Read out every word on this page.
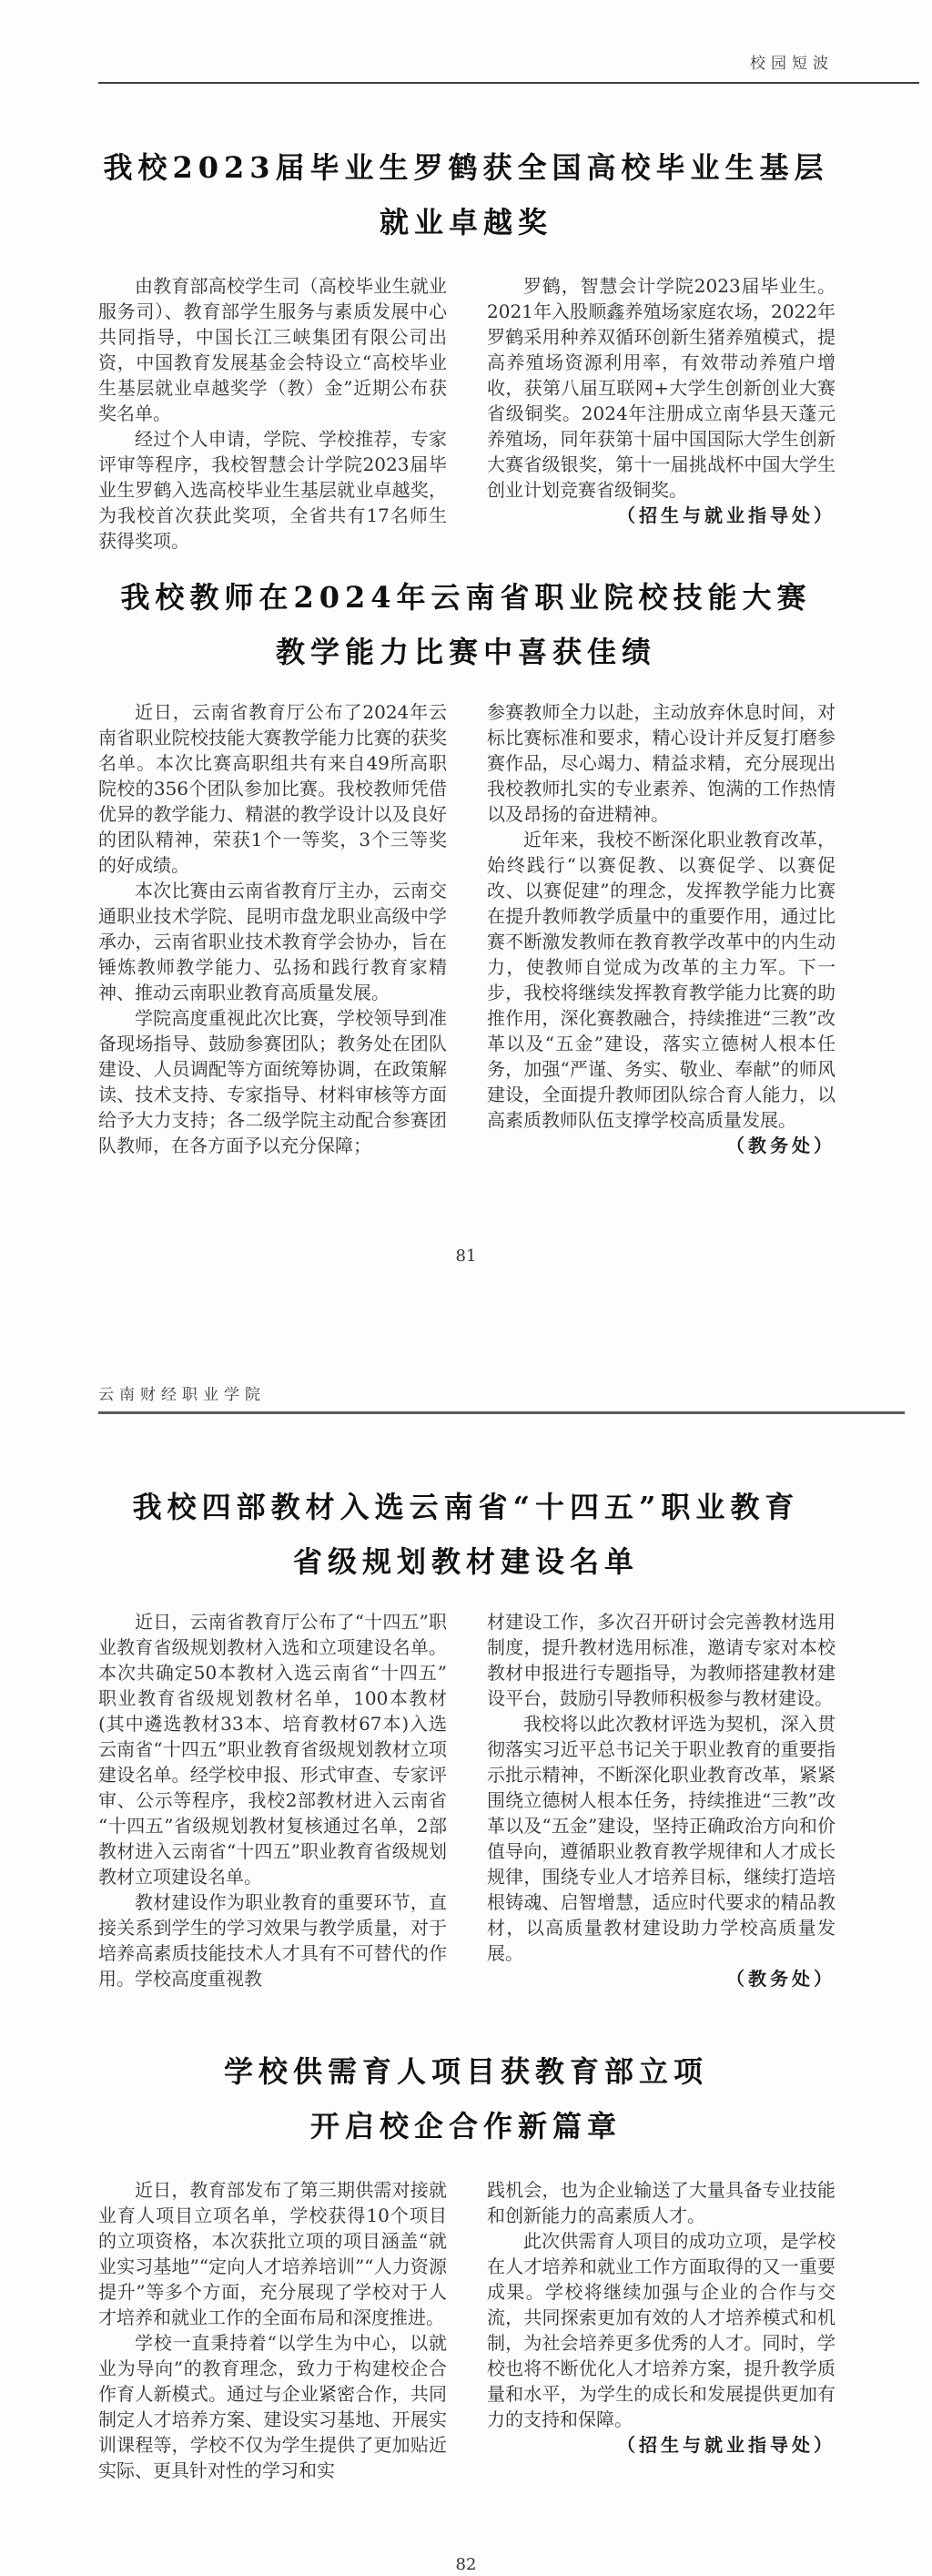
校园短波
我校2023届毕业生罗鹤获全国高校毕业生基层
就业卓越奖

由教育部高校学生司（高校毕业生就业服务司）、教育部学生服务与素质发展中心共同指导，中国长江三峡集团有限公司出资，中国教育发展基金会特设立“高校毕业生基层就业卓越奖学（教）金”近期公布获奖名单。

经过个人申请，学院、学校推荐，专家评审等程序，我校智慧会计学院2023届毕业生罗鹤入选高校毕业生基层就业卓越奖，为我校首次获此奖项，全省共有17名师生获得奖项。

罗鹤，智慧会计学院2023届毕业生。2021年入股顺鑫养殖场家庭农场，2022年罗鹤采用种养双循环创新生猪养殖模式，提高养殖场资源利用率，有效带动养殖户增收，获第八届互联网+大学生创新创业大赛省级铜奖。2024年注册成立南华县天蓬元养殖场，同年获第十届中国国际大学生创新大赛省级银奖，第十一届挑战杯中国大学生创业计划竞赛省级铜奖。

（招生与就业指导处）

我校教师在2024年云南省职业院校技能大赛
教学能力比赛中喜获佳绩

近日，云南省教育厅公布了2024年云南省职业院校技能大赛教学能力比赛的获奖名单。本次比赛高职组共有来自49所高职院校的356个团队参加比赛。我校教师凭借优异的教学能力、精湛的教学设计以及良好的团队精神，荣获1个一等奖，3个三等奖的好成绩。

本次比赛由云南省教育厅主办，云南交通职业技术学院、昆明市盘龙职业高级中学承办，云南省职业技术教育学会协办，旨在锤炼教师教学能力、弘扬和践行教育家精神、推动云南职业教育高质量发展。

学院高度重视此次比赛，学校领导到准备现场指导、鼓励参赛团队；教务处在团队建设、人员调配等方面统筹协调，在政策解读、技术支持、专家指导、材料审核等方面给予大力支持；各二级学院主动配合参赛团队教师，在各方面予以充分保障；

参赛教师全力以赴，主动放弃休息时间，对标比赛标准和要求，精心设计并反复打磨参赛作品，尽心竭力、精益求精，充分展现出我校教师扎实的专业素养、饱满的工作热情以及昂扬的奋进精神。

近年来，我校不断深化职业教育改革，始终践行“以赛促教、以赛促学、以赛促改、以赛促建”的理念，发挥教学能力比赛在提升教师教学质量中的重要作用，通过比赛不断激发教师在教育教学改革中的内生动力，使教师自觉成为改革的主力军。下一步，我校将继续发挥教育教学能力比赛的助推作用，深化赛教融合，持续推进“三教”改革以及“五金”建设，落实立德树人根本任务，加强“严谨、务实、敬业、奉献”的师风建设，全面提升教师团队综合育人能力，以高素质教师队伍支撑学校高质量发展。

（教务处）

81
云南财经职业学院
我校四部教材入选云南省“十四五”职业教育
省级规划教材建设名单

近日，云南省教育厅公布了“十四五”职业教育省级规划教材入选和立项建设名单。本次共确定50本教材入选云南省“十四五”职业教育省级规划教材名单，100本教材(其中遴选教材33本、培育教材67本)入选云南省“十四五”职业教育省级规划教材立项建设名单。经学校申报、形式审查、专家评审、公示等程序，我校2部教材进入云南省“十四五”省级规划教材复核通过名单，2部教材进入云南省“十四五”职业教育省级规划教材立项建设名单。

教材建设作为职业教育的重要环节，直接关系到学生的学习效果与教学质量，对于培养高素质技能技术人才具有不可替代的作用。学校高度重视教

材建设工作，多次召开研讨会完善教材选用制度，提升教材选用标准，邀请专家对本校教材申报进行专题指导，为教师搭建教材建设平台，鼓励引导教师积极参与教材建设。

我校将以此次教材评选为契机，深入贯彻落实习近平总书记关于职业教育的重要指示批示精神，不断深化职业教育改革，紧紧围绕立德树人根本任务，持续推进“三教”改革以及“五金”建设，坚持正确政治方向和价值导向，遵循职业教育教学规律和人才成长规律，围绕专业人才培养目标，继续打造培根铸魂、启智增慧，适应时代要求的精品教材，以高质量教材建设助力学校高质量发展。

（教务处）

学校供需育人项目获教育部立项
开启校企合作新篇章

近日，教育部发布了第三期供需对接就业育人项目立项名单，学校获得10个项目的立项资格，本次获批立项的项目涵盖“就业实习基地”“定向人才培养培训”“人力资源提升”等多个方面，充分展现了学校对于人才培养和就业工作的全面布局和深度推进。

学校一直秉持着“以学生为中心，以就业为导向”的教育理念，致力于构建校企合作育人新模式。通过与企业紧密合作，共同制定人才培养方案、建设实习基地、开展实训课程等，学校不仅为学生提供了更加贴近实际、更具针对性的学习和实

践机会，也为企业输送了大量具备专业技能和创新能力的高素质人才。

此次供需育人项目的成功立项，是学校在人才培养和就业工作方面取得的又一重要成果。学校将继续加强与企业的合作与交流，共同探索更加有效的人才培养模式和机制，为社会培养更多优秀的人才。同时，学校也将不断优化人才培养方案，提升教学质量和水平，为学生的成长和发展提供更加有力的支持和保障。

（招生与就业指导处）

82
